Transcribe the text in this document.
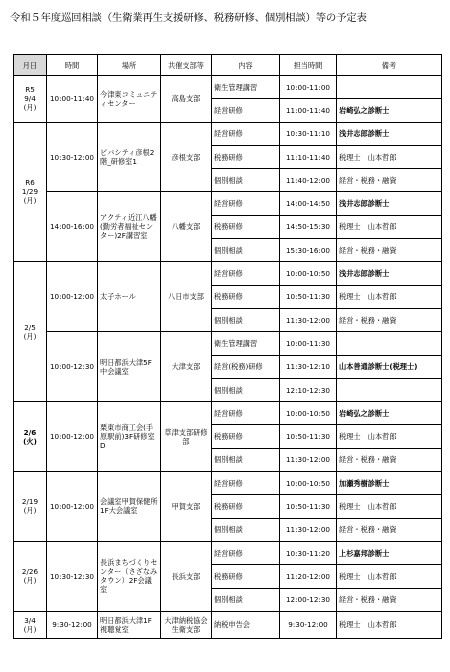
令和５年度巡回相談（生衛業再生支援研修、税務研修、個別相談）等の予定表
月日	時間	場所	共催支部等	内容	担当時間	備考
R5
9/4
(月)	10:00-11:40	今津東コミュニティセンター	高島支部	衛生管理講習	10:00-11:00	
				経営研修	11:00-11:40	岩崎弘之診断士
R6
1/29
(月)	10:30-12:00	ビバシティ彦根2階_研修室1	彦根支部	経営研修	10:30-11:10	浅井志郎診断士
				税務研修	11:10-11:40	税理士　山本哲郎
				個別相談	11:40-12:00	経営・税務・融資
	14:00-16:00	アクティ近江八幡(勤労者福祉センター)2F講習室	八幡支部	経営研修	14:00-14:50	浅井志郎診断士
				税務研修	14:50-15:30	税理士　山本哲郎
				個別相談	15:30-16:00	経営・税務・融資
2/5
(月)	10:00-12:00	太子ホール	八日市支部	経営研修	10:00-10:50	浅井志郎診断士
				税務研修	10:50-11:30	税理士　山本哲郎
				個別相談	11:30-12:00	経営・税務・融資
	10:00-12:30	明日都浜大津5F中会議室	大津支部	衛生管理講習	10:00-11:30	
				経営(税務)研修	11:30-12:10	山本善通診断士(税理士)
				個別相談	12:10-12:30	
2/6
(火)	10:00-12:00	栗東市商工会(手原駅前)3F研修室D	草津支部研修部	経営研修	10:00-10:50	岩崎弘之診断士
				税務研修	10:50-11:30	税理士　山本哲郎
				個別相談	11:30-12:00	経営・税務・融資
2/19
(月)	10:00-12:00	会議室甲賀保健所1F大会議室	甲賀支部	経営研修	10:00-10:50	加瀬秀樹診断士
				税務研修	10:50-11:30	税理士　山本哲郎
				個別相談	11:30-12:00	経営・税務・融資
2/26
(月)	10:30-12:30	長浜まちづくりセンター（さざなみタウン）2F会議室	長浜支部	経営研修	10:30-11:20	上杉嘉邦診断士
				税務研修	11:20-12:00	税理士　山本哲郎
				個別相談	12:00-12:30	経営・税務・融資
3/4
(月)	9:30-12:00	明日都浜大津1F視聴覚室	大津納税協会生衛支部	納税申告会	9:30-12:00	税理士　山本哲郎
